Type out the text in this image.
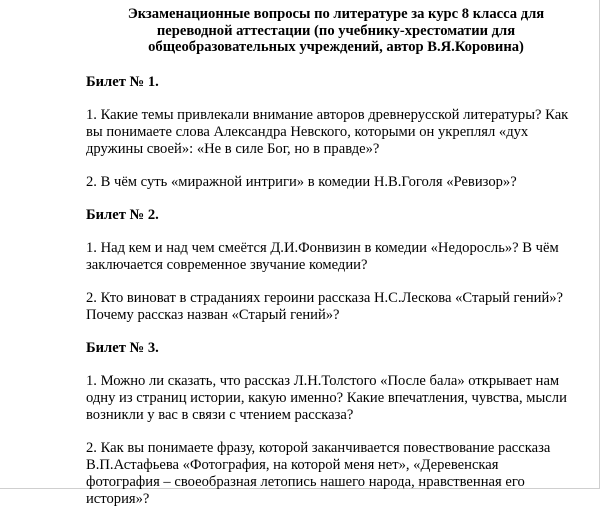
Экзаменационные вопросы по литературе за курс 8 класса для
переводной аттестации (по учебнику-хрестоматии для
общеобразовательных учреждений, автор В.Я.Коровина)
Билет № 1.
1. Какие темы привлекали внимание авторов древнерусской литературы? Как
вы понимаете слова Александра Невского, которыми он укреплял «дух
дружины своей»: «Не в силе Бог, но в правде»?
2. В чём суть «миражной интриги» в комедии Н.В.Гоголя «Ревизор»?
Билет № 2.
1. Над кем и над чем смеётся Д.И.Фонвизин в комедии «Недоросль»? В чём
заключается современное звучание комедии?
2. Кто виноват в страданиях героини рассказа Н.С.Лескова «Старый гений»?
Почему рассказ назван «Старый гений»?
Билет № 3.
1. Можно ли сказать, что рассказ Л.Н.Толстого «После бала» открывает нам
одну из страниц истории, какую именно? Какие впечатления, чувства, мысли
возникли у вас в связи с чтением рассказа?
2. Как вы понимаете фразу, которой заканчивается повествование рассказа
В.П.Астафьева «Фотография, на которой меня нет», «Деревенская
фотография – своеобразная летопись нашего народа, нравственная его
история»?
